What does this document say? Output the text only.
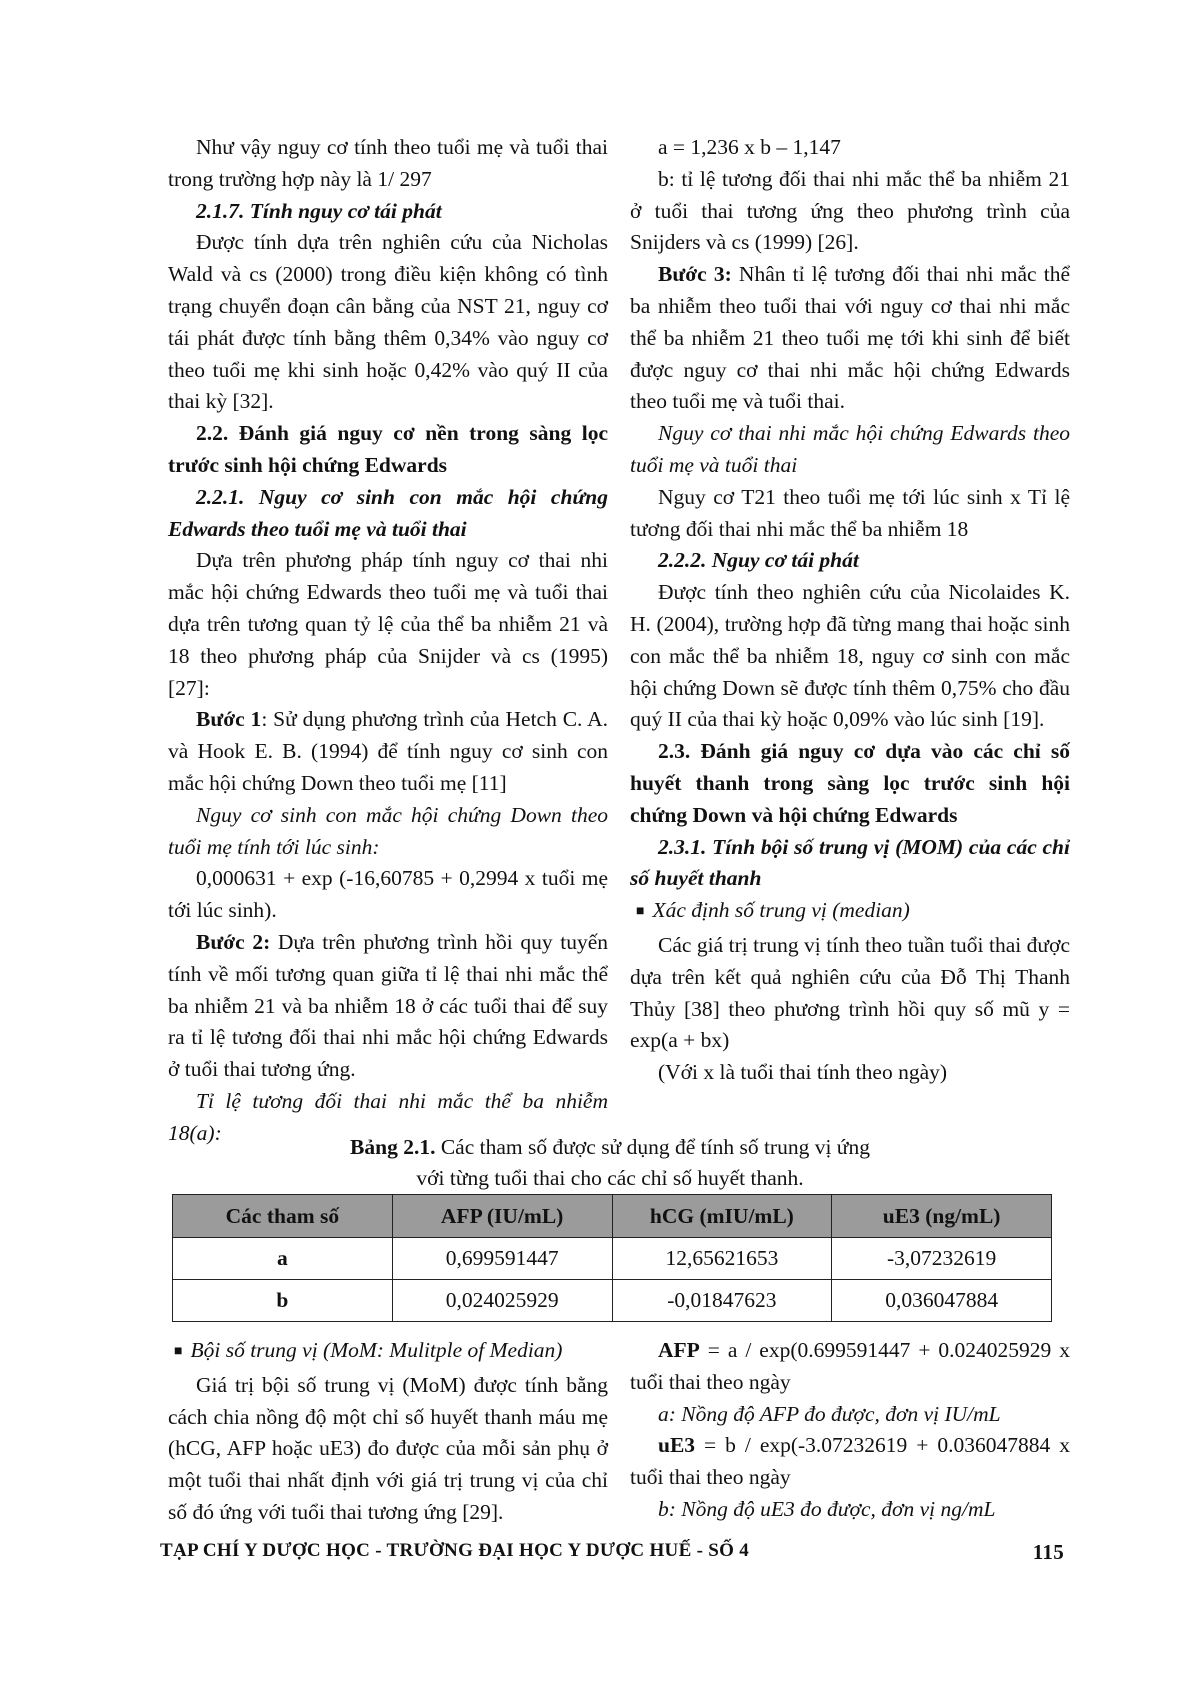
Như vậy nguy cơ tính theo tuổi mẹ và tuổi thai trong trường hợp này là 1/ 297

2.1.7. Tính nguy cơ tái phát

Được tính dựa trên nghiên cứu của Nicholas Wald và cs (2000) trong điều kiện không có tình trạng chuyển đoạn cân bằng của NST 21, nguy cơ tái phát được tính bằng thêm 0,34% vào nguy cơ theo tuổi mẹ khi sinh hoặc 0,42% vào quý II của thai kỳ [32].

2.2. Đánh giá nguy cơ nền trong sàng lọc trước sinh hội chứng Edwards

2.2.1. Nguy cơ sinh con mắc hội chứng Edwards theo tuổi mẹ và tuổi thai

Dựa trên phương pháp tính nguy cơ thai nhi mắc hội chứng Edwards theo tuổi mẹ và tuổi thai dựa trên tương quan tỷ lệ của thể ba nhiễm 21 và 18 theo phương pháp của Snijder và cs (1995) [27]:

Bước 1: Sử dụng phương trình của Hetch C. A. và Hook E. B. (1994) để tính nguy cơ sinh con mắc hội chứng Down theo tuổi mẹ [11]

Nguy cơ sinh con mắc hội chứng Down theo tuổi mẹ tính tới lúc sinh:

0,000631 + exp (-16,60785 + 0,2994 x tuổi mẹ tới lúc sinh).

Bước 2: Dựa trên phương trình hồi quy tuyến tính về mối tương quan giữa tỉ lệ thai nhi mắc thể ba nhiễm 21 và ba nhiễm 18 ở các tuổi thai để suy ra tỉ lệ tương đối thai nhi mắc hội chứng Edwards ở tuổi thai tương ứng.

Tỉ lệ tương đối thai nhi mắc thể ba nhiễm 18(a):

a = 1,236 x b – 1,147

b: tỉ lệ tương đối thai nhi mắc thể ba nhiễm 21 ở tuổi thai tương ứng theo phương trình của Snijders và cs (1999) [26].

Bước 3: Nhân tỉ lệ tương đối thai nhi mắc thể ba nhiễm theo tuổi thai với nguy cơ thai nhi mắc thể ba nhiễm 21 theo tuổi mẹ tới khi sinh để biết được nguy cơ thai nhi mắc hội chứng Edwards theo tuổi mẹ và tuổi thai.

Nguy cơ thai nhi mắc hội chứng Edwards theo tuổi mẹ và tuổi thai

Nguy cơ T21 theo tuổi mẹ tới lúc sinh x Tỉ lệ tương đối thai nhi mắc thể ba nhiễm 18

2.2.2. Nguy cơ tái phát

Được tính theo nghiên cứu của Nicolaides K. H. (2004), trường hợp đã từng mang thai hoặc sinh con mắc thể ba nhiễm 18, nguy cơ sinh con mắc hội chứng Down sẽ được tính thêm 0,75% cho đầu quý II của thai kỳ hoặc 0,09% vào lúc sinh [19].

2.3. Đánh giá nguy cơ dựa vào các chỉ số huyết thanh trong sàng lọc trước sinh hội chứng Down và hội chứng Edwards

2.3.1. Tính bội số trung vị (MOM) của các chỉ số huyết thanh

■ Xác định số trung vị (median)

Các giá trị trung vị tính theo tuần tuổi thai được dựa trên kết quả nghiên cứu của Đỗ Thị Thanh Thủy [38] theo phương trình hồi quy số mũ y = exp(a + bx)

(Với x là tuổi thai tính theo ngày)

Bảng 2.1. Các tham số được sử dụng để tính số trung vị ứng
với từng tuổi thai cho các chỉ số huyết thanh.
Các tham số	AFP (IU/mL)	hCG (mIU/mL)	uE3 (ng/mL)
a	0,699591447	12,65621653	-3,07232619
b	0,024025929	-0,01847623	0,036047884

■ Bội số trung vị (MoM: Mulitple of Median)

Giá trị bội số trung vị (MoM) được tính bằng cách chia nồng độ một chỉ số huyết thanh máu mẹ (hCG, AFP hoặc uE3) đo được của mỗi sản phụ ở một tuổi thai nhất định với giá trị trung vị của chỉ số đó ứng với tuổi thai tương ứng [29].

AFP = a / exp(0.699591447 + 0.024025929 x tuổi thai theo ngày

a: Nồng độ AFP đo được, đơn vị IU/mL

uE3 = b / exp(-3.07232619 + 0.036047884 x tuổi thai theo ngày

b: Nồng độ uE3 đo được, đơn vị ng/mL

TẠP CHÍ Y DƯỢC HỌC - TRƯỜNG ĐẠI HỌC Y DƯỢC HUẾ - SỐ 4	115
